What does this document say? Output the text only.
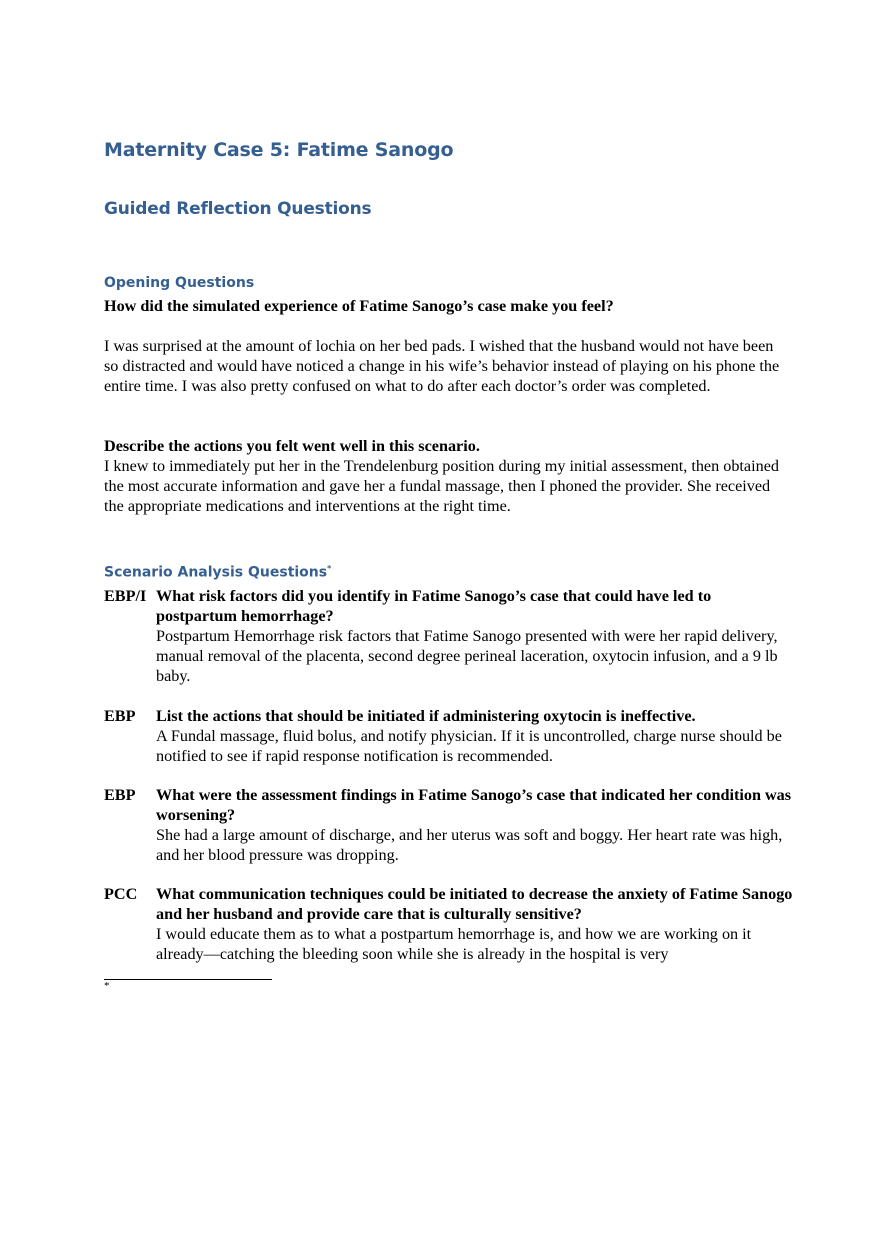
Maternity Case 5: Fatime Sanogo
Guided Reflection Questions
Opening Questions

How did the simulated experience of Fatime Sanogo’s case make you feel?

I was surprised at the amount of lochia on her bed pads. I wished that the husband would not have been so distracted and would have noticed a change in his wife’s behavior instead of playing on his phone the entire time. I was also pretty confused on what to do after each doctor’s order was completed.

Describe the actions you felt went well in this scenario.

I knew to immediately put her in the Trendelenburg position during my initial assessment, then obtained the most accurate information and gave her a fundal massage, then I phoned the provider. She received the appropriate medications and interventions at the right time.

Scenario Analysis Questions*
EBP/I What risk factors did you identify in Fatime Sanogo’s case that could have led to postpartum hemorrhage?
Postpartum Hemorrhage risk factors that Fatime Sanogo presented with were her rapid delivery, manual removal of the placenta, second degree perineal laceration, oxytocin infusion, and a 9 lb baby.
EBP List the actions that should be initiated if administering oxytocin is ineffective.
A Fundal massage, fluid bolus, and notify physician. If it is uncontrolled, charge nurse should be notified to see if rapid response notification is recommended.
EBP What were the assessment findings in Fatime Sanogo’s case that indicated her condition was worsening?
She had a large amount of discharge, and her uterus was soft and boggy. Her heart rate was high, and her blood pressure was dropping.
PCC What communication techniques could be initiated to decrease the anxiety of Fatime Sanogo and her husband and provide care that is culturally sensitive?
I would educate them as to what a postpartum hemorrhage is, and how we are working on it already—catching the bleeding soon while she is already in the hospital is very
*
